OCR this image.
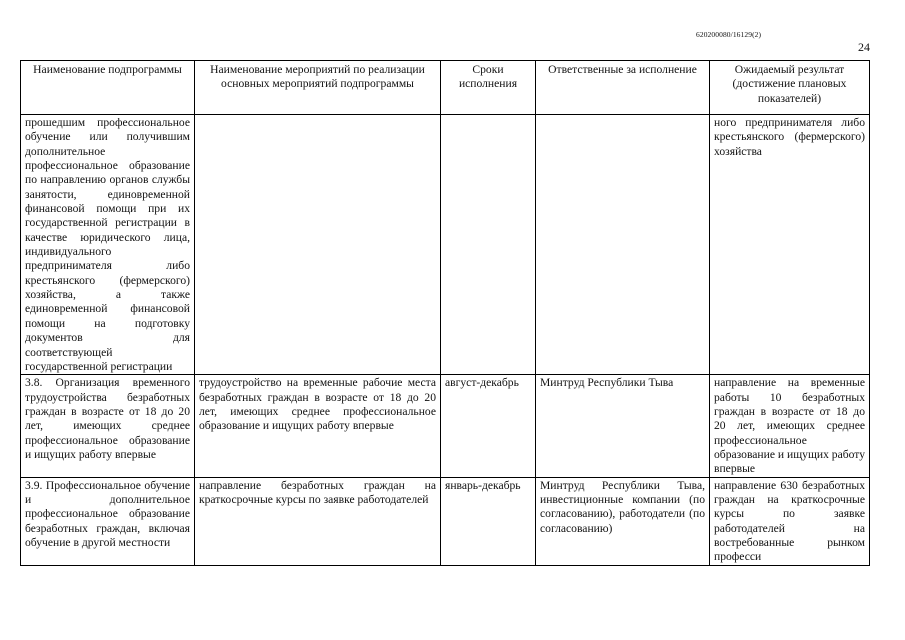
620200080/16129(2)
24
Наименование подпрограммы	Наименование мероприятий по реализации основных мероприятий подпрограммы	Сроки исполнения	Ответственные за исполнение	Ожидаемый результат (достижение плановых показателей)
прошедшим профессиональное обучение или получившим дополнительное профессиональное образование по направлению органов службы занятости, единовременной финансовой помощи при их государственной регистрации в качестве юридического лица, индивидуального предпринимателя либо крестьянского (фермерского) хозяйства, а также единовременной финансовой помощи на подготовку документов для соответствующей государственной регистрации				ного предпринимателя либо крестьянского (фермерского) хозяйства
3.8. Организация временного трудоустройства безработных граждан в возрасте от 18 до 20 лет, имеющих среднее профессиональное образование и ищущих работу впервые	трудоустройство на временные рабочие места безработных граждан в возрасте от 18 до 20 лет, имеющих среднее профессиональное образование и ищущих работу впервые	август-декабрь	Минтруд Республики Тыва	направление на временные работы 10 безработных граждан в возрасте от 18 до 20 лет, имеющих среднее профессиональное образование и ищущих работу впервые
3.9. Профессиональное обучение и дополнительное профессиональное образование безработных граждан, включая обучение в другой местности	направление безработных граждан на краткосрочные курсы по заявке работодателей	январь-декабрь	Минтруд Республики Тыва, инвестиционные компании (по согласованию), работодатели (по согласованию)	направление 630 безработных граждан на краткосрочные курсы по заявке работодателей на востребованные рынком професси
